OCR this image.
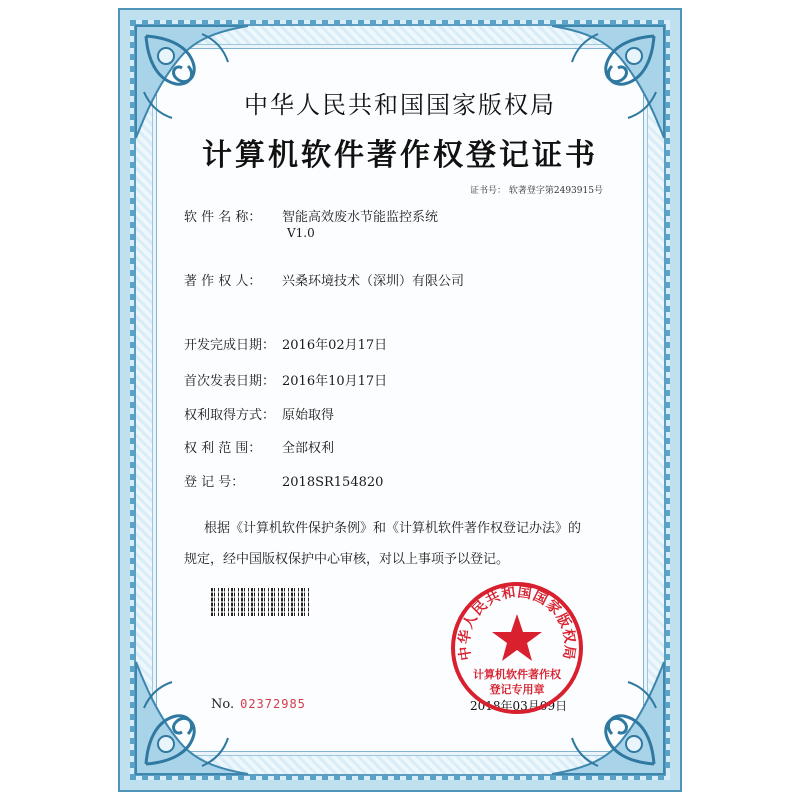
中华人民共和国国家版权局
计算机软件著作权登记证书
证书号： 软著登字第2493915号
软 件 名 称： 智能高效废水节能监控系统
V1.0
著 作 权 人： 兴桑环境技术（深圳）有限公司
开发完成日期： 2016年02月17日
首次发表日期： 2016年10月17日
权利取得方式： 原始取得
权 利 范 围： 全部权利
登 记 号：	2018SR154820
根据《计算机软件保护条例》和《计算机软件著作权登记办法》的
规定，经中国版权保护中心审核，对以上事项予以登记。
No. 02372985	2018年03月09日
中华人民共和国国家版权局
计算机软件著作权
登记专用章
